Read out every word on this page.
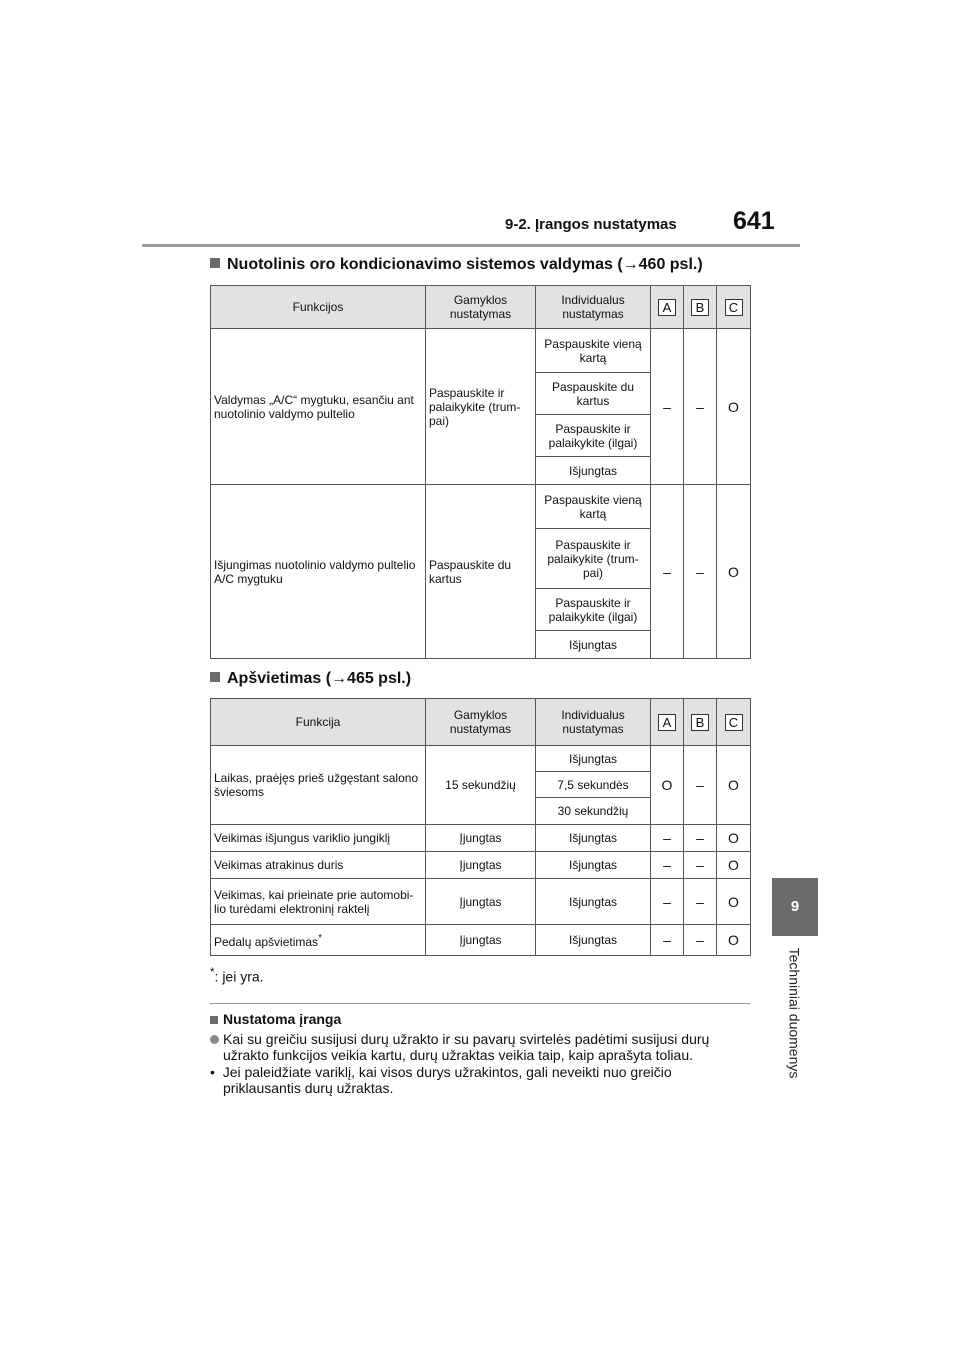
9-2. Įrangos nustatymas 641
9
Techniniai duomenys
Nuotolinis oro kondicionavimo sistemos valdymas (→460 psl.)
Funkcijos	Gamyklos nustatymas	Individualus nustatymas	A	B	C
Valdymas „A/C“ mygtuku, esančiu ant nuotolinio valdymo pultelio	Paspauskite ir palaikykite (trum-pai)	Paspauskite vieną kartą	–	–	O
		Paspauskite du kartus			
		Paspauskite ir palaikykite (ilgai)			
		Išjungtas			
Išjungimas nuotolinio valdymo pultelio A/C mygtuku	Paspauskite du kartus	Paspauskite vieną kartą	–	–	O
		Paspauskite ir palaikykite (trum-pai)			
		Paspauskite ir palaikykite (ilgai)			
		Išjungtas			
Apšvietimas (→465 psl.)
Funkcija	Gamyklos nustatymas	Individualus nustatymas	A	B	C
Laikas, praėjęs prieš užgęstant salono šviesoms	15 sekundžių	Išjungtas	O	–	O
		7,5 sekundės			
		30 sekundžių			
Veikimas išjungus variklio jungiklį	Įjungtas	Išjungtas	–	–	O
Veikimas atrakinus duris	Įjungtas	Išjungtas	–	–	O
Veikimas, kai prieinate prie automobi-lio turėdami elektroninį raktelį	Įjungtas	Išjungtas	–	–	O
Pedalų apšvietimas*	Įjungtas	Išjungtas	–	–	O
*: jei yra.
Nustatoma įranga
Kai su greičiu susijusi durų užrakto ir su pavarų svirtelės padėtimi susijusi durų užrakto funkcijos veikia kartu, durų užraktas veikia taip, kaip aprašyta toliau.
•  Jei paleidžiate variklį, kai visos durys užrakintos, gali neveikti nuo greičio priklausantis durų užraktas.
